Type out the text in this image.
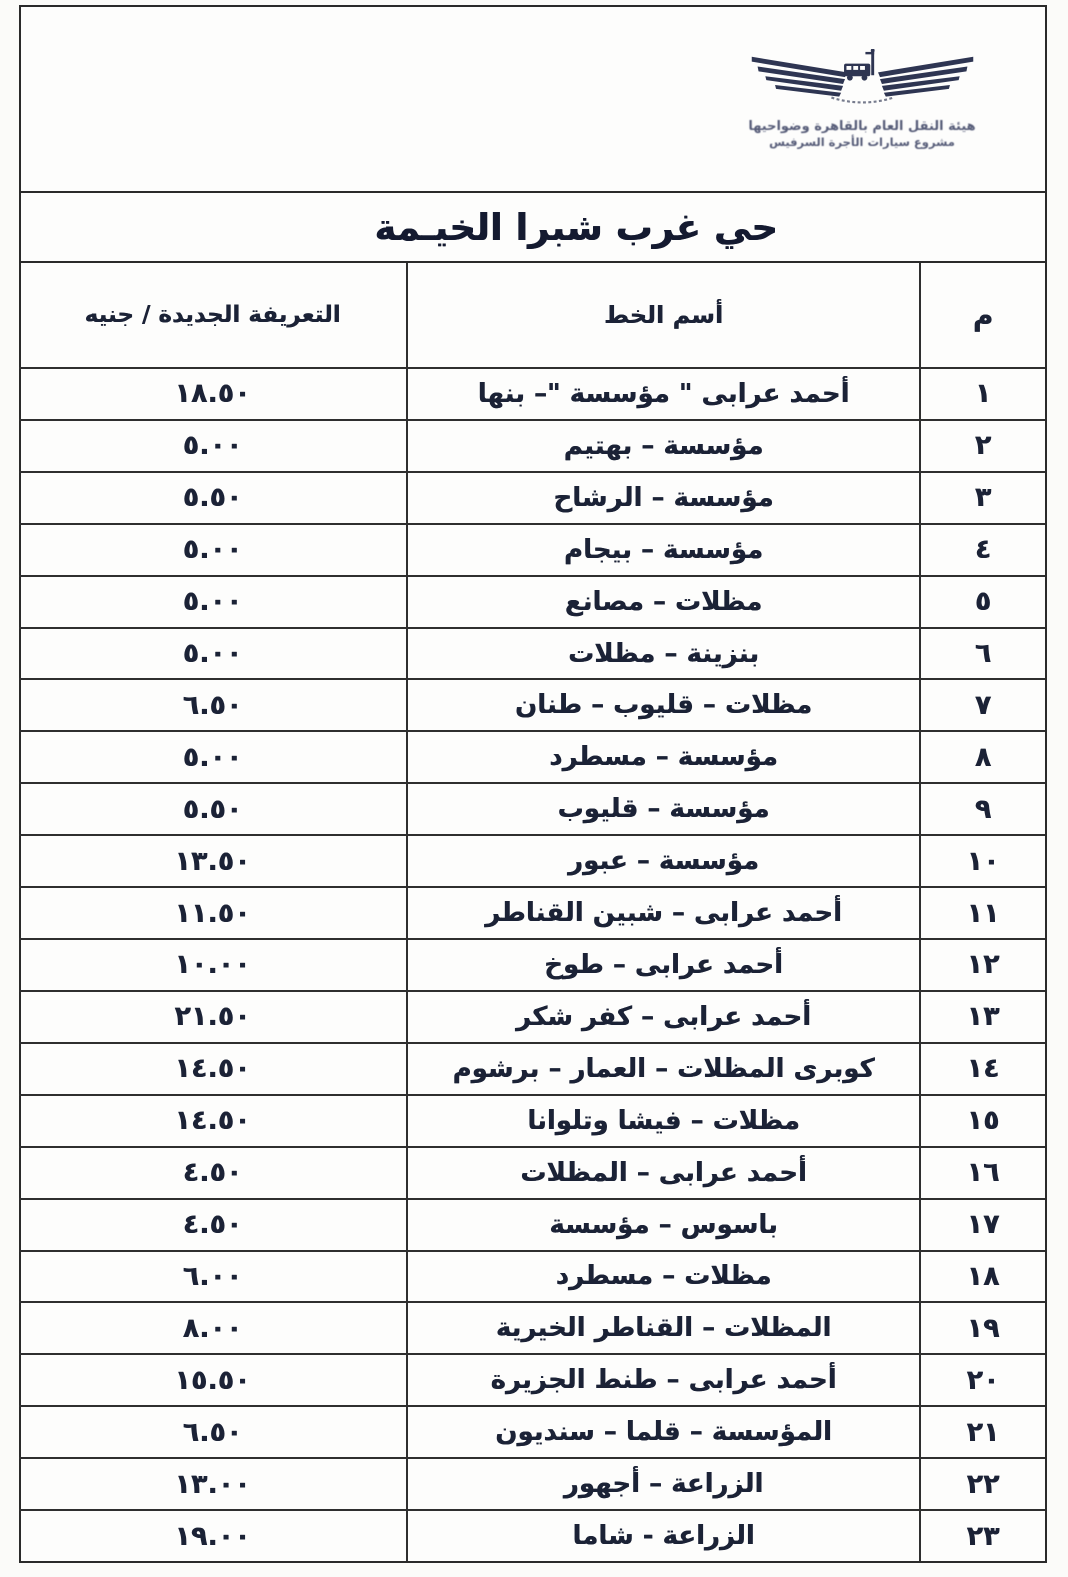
هيئة النقل العام بالقاهرة وضواحيها
مشروع سيارات الأجرة السرفيس
حي غرب شبرا الخيـمة
م
أسم الخط
التعريفة الجديدة / جنيه
١
أحمد عرابى " مؤسسة "– بنها
١٨.٥٠
٢
مؤسسة – بهتيم
٥.٠٠
٣
مؤسسة – الرشاح
٥.٥٠
٤
مؤسسة – بيجام
٥.٠٠
٥
مظلات – مصانع
٥.٠٠
٦
بنزينة – مظلات
٥.٠٠
٧
مظلات – قليوب – طنان
٦.٥٠
٨
مؤسسة – مسطرد
٥.٠٠
٩
مؤسسة – قليوب
٥.٥٠
١٠
مؤسسة – عبور
١٣.٥٠
١١
أحمد عرابى – شبين القناطر
١١.٥٠
١٢
أحمد عرابى – طوخ
١٠.٠٠
١٣
أحمد عرابى – كفر شكر
٢١.٥٠
١٤
كوبرى المظلات – العمار – برشوم
١٤.٥٠
١٥
مظلات – فيشا وتلوانا
١٤.٥٠
١٦
أحمد عرابى – المظلات
٤.٥٠
١٧
باسوس – مؤسسة
٤.٥٠
١٨
مظلات – مسطرد
٦.٠٠
١٩
المظلات – القناطر الخيرية
٨.٠٠
٢٠
أحمد عرابى – طنط الجزيرة
١٥.٥٠
٢١
المؤسسة – قلما – سنديون
٦.٥٠
٢٢
الزراعة – أجهور
١٣.٠٠
٢٣
الزراعة - شاما
١٩.٠٠
